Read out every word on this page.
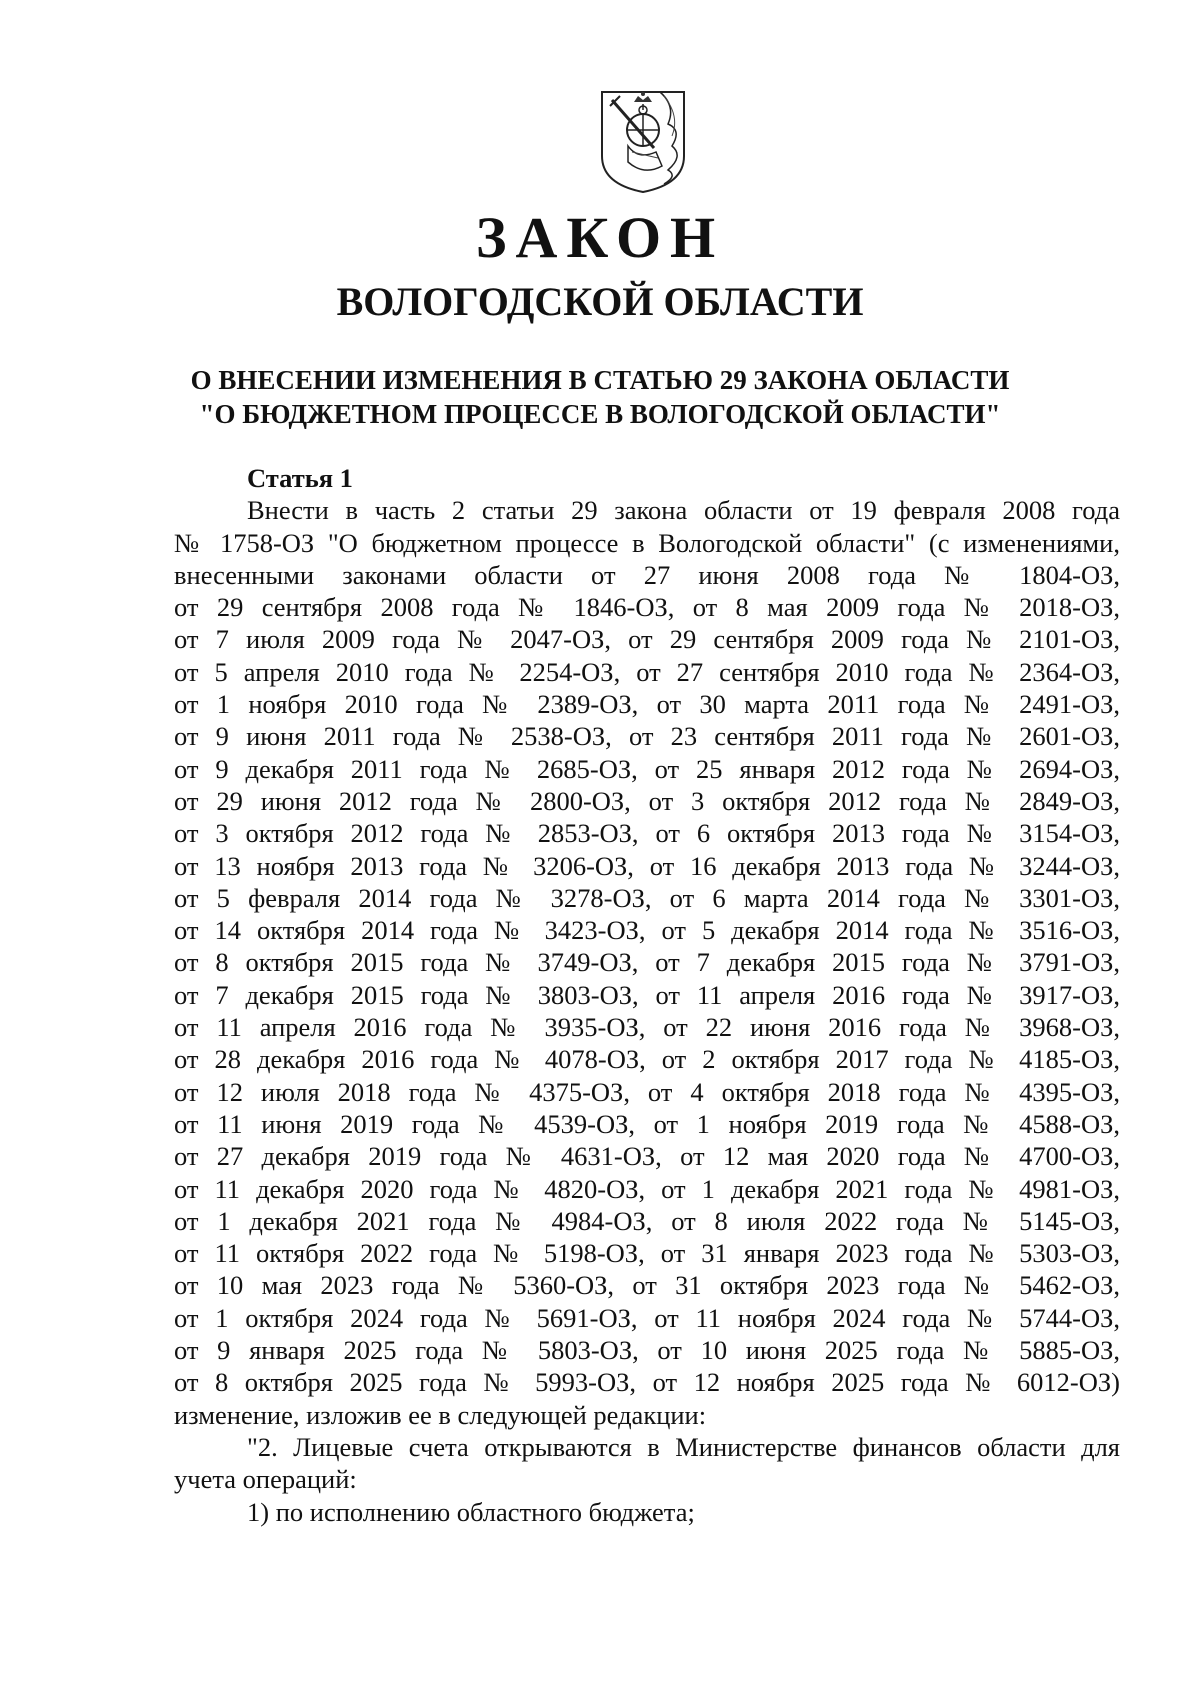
ЗАКОН
ВОЛОГОДСКОЙ ОБЛАСТИ
О ВНЕСЕНИИ ИЗМЕНЕНИЯ В СТАТЬЮ 29 ЗАКОНА ОБЛАСТИ
"О БЮДЖЕТНОМ ПРОЦЕССЕ В ВОЛОГОДСКОЙ ОБЛАСТИ"

Статья 1

Внести в часть 2 статьи 29 закона области от 19 февраля 2008 года
№ 1758-ОЗ "О бюджетном процессе в Вологодской области" (с изменениями,
внесенными законами области от 27 июня 2008 года № 1804-ОЗ,
от 29 сентября 2008 года № 1846-ОЗ, от 8 мая 2009 года № 2018-ОЗ,
от 7 июля 2009 года № 2047-ОЗ, от 29 сентября 2009 года № 2101-ОЗ,
от 5 апреля 2010 года № 2254-ОЗ, от 27 сентября 2010 года № 2364-ОЗ,
от 1 ноября 2010 года № 2389-ОЗ, от 30 марта 2011 года № 2491-ОЗ,
от 9 июня 2011 года № 2538-ОЗ, от 23 сентября 2011 года № 2601-ОЗ,
от 9 декабря 2011 года № 2685-ОЗ, от 25 января 2012 года № 2694-ОЗ,
от 29 июня 2012 года № 2800-ОЗ, от 3 октября 2012 года № 2849-ОЗ,
от 3 октября 2012 года № 2853-ОЗ, от 6 октября 2013 года № 3154-ОЗ,
от 13 ноября 2013 года № 3206-ОЗ, от 16 декабря 2013 года № 3244-ОЗ,
от 5 февраля 2014 года № 3278-ОЗ, от 6 марта 2014 года № 3301-ОЗ,
от 14 октября 2014 года № 3423-ОЗ, от 5 декабря 2014 года № 3516-ОЗ,
от 8 октября 2015 года № 3749-ОЗ, от 7 декабря 2015 года № 3791-ОЗ,
от 7 декабря 2015 года № 3803-ОЗ, от 11 апреля 2016 года № 3917-ОЗ,
от 11 апреля 2016 года № 3935-ОЗ, от 22 июня 2016 года № 3968-ОЗ,
от 28 декабря 2016 года № 4078-ОЗ, от 2 октября 2017 года № 4185-ОЗ,
от 12 июля 2018 года № 4375-ОЗ, от 4 октября 2018 года № 4395-ОЗ,
от 11 июня 2019 года № 4539-ОЗ, от 1 ноября 2019 года № 4588-ОЗ,
от 27 декабря 2019 года № 4631-ОЗ, от 12 мая 2020 года № 4700-ОЗ,
от 11 декабря 2020 года № 4820-ОЗ, от 1 декабря 2021 года № 4981-ОЗ,
от 1 декабря 2021 года № 4984-ОЗ, от 8 июля 2022 года № 5145-ОЗ,
от 11 октября 2022 года № 5198-ОЗ, от 31 января 2023 года № 5303-ОЗ,
от 10 мая 2023 года № 5360-ОЗ, от 31 октября 2023 года № 5462-ОЗ,
от 1 октября 2024 года № 5691-ОЗ, от 11 ноября 2024 года № 5744-ОЗ,
от 9 января 2025 года № 5803-ОЗ, от 10 июня 2025 года № 5885-ОЗ,
от 8 октября 2025 года № 5993-ОЗ, от 12 ноября 2025 года № 6012-ОЗ)
изменение, изложив ее в следующей редакции:
"2. Лицевые счета открываются в Министерстве финансов области для
учета операций:
1) по исполнению областного бюджета;
